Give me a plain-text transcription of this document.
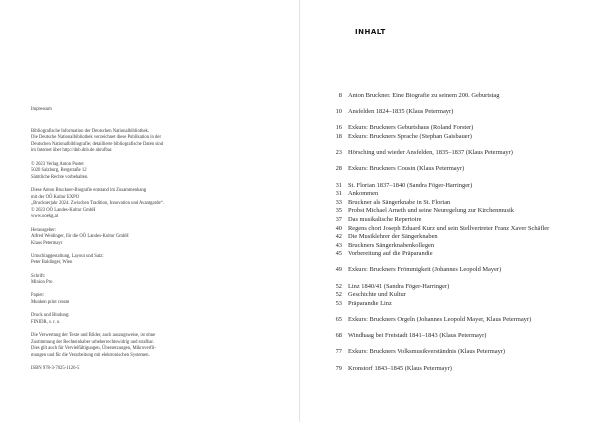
Impressum
Bibliografische Information der Deutschen Nationalbibliothek.
Die Deutsche Nationalbibliothek verzeichnet diese Publikation in der
Deutschen Nationalbibliografie; detaillierte bibliografische Daten sind
im Internet über http://dnb.dnb.de abrufbar.
© 2023 Verlag Anton Pustet
5020 Salzburg, Bergstraße 12
Sämtliche Rechte vorbehalten.
Diese Anton Bruckner-Biografie entstand im Zusammenhang
mit der OÖ Kultur EXPO
„Brucknerjahr 2024. Zwischen Tradition, Innovation und Avantgarde“.
© 2023 OÖ Landes-Kultur GmbH
www.ooekg.at
Herausgeber:
Alfred Weidinger, für die OÖ Landes-Kultur GmbH
Klaus Petermayr
Umschlaggestaltung, Layout und Satz:
Peter Baldinger, Wien
Schrift:
Minion Pro
Papier:
Munken print cream
Druck und Bindung:
FINIDR, s. r. o.
Die Verwertung der Texte und Bilder, auch auszugsweise, ist ohne
Zustimmung der Rechteinhaber urheberrechtswidrig und strafbar.
Dies gilt auch für Vervielfältigungen, Übersetzungen, Mikroverfil-
mungen und für die Verarbeitung mit elektronischen Systemen.
ISBN 978-3-7025-1126-5
INHALT
8 Anton Bruckner. Eine Biografie zu seinem 200. Geburtstag
10 Ansfelden 1824–1835 (Klaus Petermayr)
16 Exkurs: Bruckners Geburtshaus (Roland Forster)
18 Exkurs: Bruckners Sprache (Stephan Gaisbauer)
23 Hörsching und wieder Ansfelden, 1835–1837 (Klaus Petermayr)
28 Exkurs: Bruckners Cousin (Klaus Petermayr)
31 St. Florian 1837–1840 (Sandra Föger-Harringer)
31 Ankommen
33 Bruckner als Sängerknabe in St. Florian
35 Probst Michael Arneth und seine Neuregelung zur Kirchenmusik
37 Das musikalische Repertoire
40 Regens chori Joseph Eduard Kurz und sein Stellvertreter Franz Xaver Schäfler
42 Die Musiklehrer der Sängerknaben
43 Bruckners Sängerknabenkollegen
45 Vorbereitung auf die Präparandie
49 Exkurs: Bruckners Frömmigkeit (Johannes Leopold Mayer)
52 Linz 1840/41 (Sandra Föger-Harringer)
52 Geschichte und Kultur
53 Präparandie Linz
65 Exkurs: Bruckners Orgeln (Johannes Leopold Mayer, Klaus Petermayr)
68 Windhaag bei Freistadt 1841–1843 (Klaus Petermayr)
77 Exkurs: Bruckners Volksmusikverständnis (Klaus Petermayr)
79 Kronstorf 1843–1845 (Klaus Petermayr)
